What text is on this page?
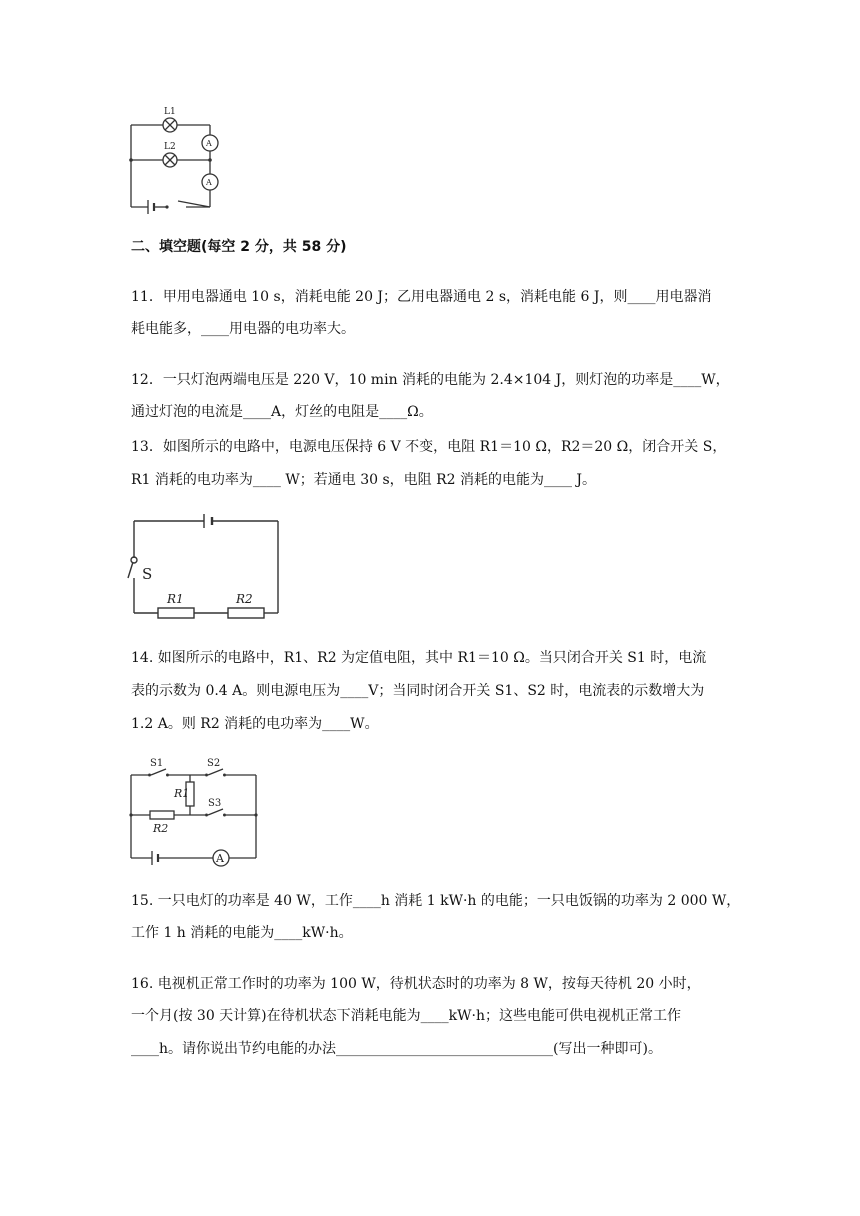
L1
L2	A
A
二、填空题(每空 2 分，共 58 分)
11．甲用电器通电 10 s，消耗电能 20 J；乙用电器通电 2 s，消耗电能 6 J，则____用电器消
耗电能多，____用电器的电功率大。
12．一只灯泡两端电压是 220 V，10 min 消耗的电能为 2.4×104 J，则灯泡的功率是____W，
通过灯泡的电流是____A，灯丝的电阻是____Ω。
13．如图所示的电路中，电源电压保持 6 V 不变，电阻 R1＝10 Ω，R2＝20 Ω，闭合开关 S，
R1 消耗的电功率为____ W；若通电 30 s，电阻 R2 消耗的电能为____ J。
S
R1	R2
14. 如图所示的电路中，R1、R2 为定值电阻，其中 R1＝10 Ω。当只闭合开关 S1 时，电流
表的示数为 0.4 A。则电源电压为____V；当同时闭合开关 S1、S2 时，电流表的示数增大为
1.2 A。则 R2 消耗的电功率为____W。
S1	S2
S3
R1
R2
A
15. 一只电灯的功率是 40 W，工作____h 消耗 1 kW·h 的电能；一只电饭锅的功率为 2 000 W，
工作 1 h 消耗的电能为____kW·h。
16. 电视机正常工作时的功率为 100 W，待机状态时的功率为 8 W，按每天待机 20 小时，
一个月(按 30 天计算)在待机状态下消耗电能为____kW·h；这些电能可供电视机正常工作
____h。请你说出节约电能的办法_______________________________(写出一种即可)。
